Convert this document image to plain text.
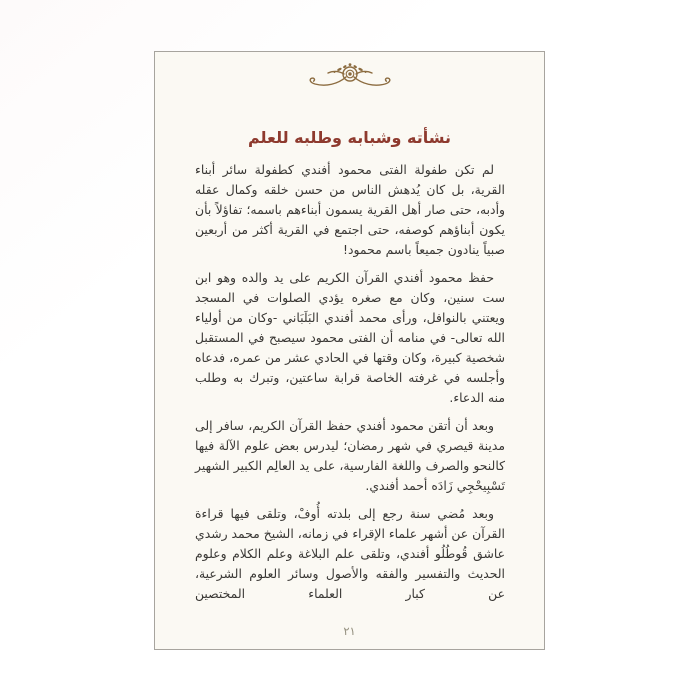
نشأته وشبابه وطلبه للعلم

لم تكن طفولة الفتى محمود أفندي كطفولة سائر أبناء القرية، بل كان يُدهش الناس من حسن خلقه وكمال عقله وأدبه، حتى صار أهل القرية يسمون أبناءهم باسمه؛ تفاؤلاً بأن يكون أبناؤهم كوصفه، حتى اجتمع في القرية أكثر من أربعين صبياً ينادون جميعاً باسم محمود!

حفظ محمود أفندي القرآن الكريم على يد والده وهو ابن ست سنين، وكان مع صغره يؤدي الصلوات في المسجد ويعتني بالنوافل، ورأى محمد أفندي البَلَبَاني -وكان من أولياء الله تعالى- في منامه أن الفتى محمود سيصبح في المستقبل شخصية كبيرة، وكان وقتها في الحادي عشر من عمره، فدعاه وأجلسه في غرفته الخاصة قرابة ساعتين، وتبرك به وطلب منه الدعاء.

وبعد أن أتقن محمود أفندي حفظ القرآن الكريم، سافر إلى مدينة قيصري في شهر رمضان؛ ليدرس بعض علوم الآلة فيها كالنحو والصرف واللغة الفارسية، على يد العالِم الكبير الشهير تَسْبِيحْجِي زَادَه أحمد أفندي.

وبعد مُضي سنة رجع إلى بلدته أُوفْ، وتلقى فيها قراءة القرآن عن أشهر علماء الإقراء في زمانه، الشيخ محمد رشدي عاشق قُوطُلُو أفندي، وتلقى علم البلاغة وعلم الكلام وعلوم الحديث والتفسير والفقه والأصول وسائر العلوم الشرعية، عن كبار العلماء المختصين

٢١
